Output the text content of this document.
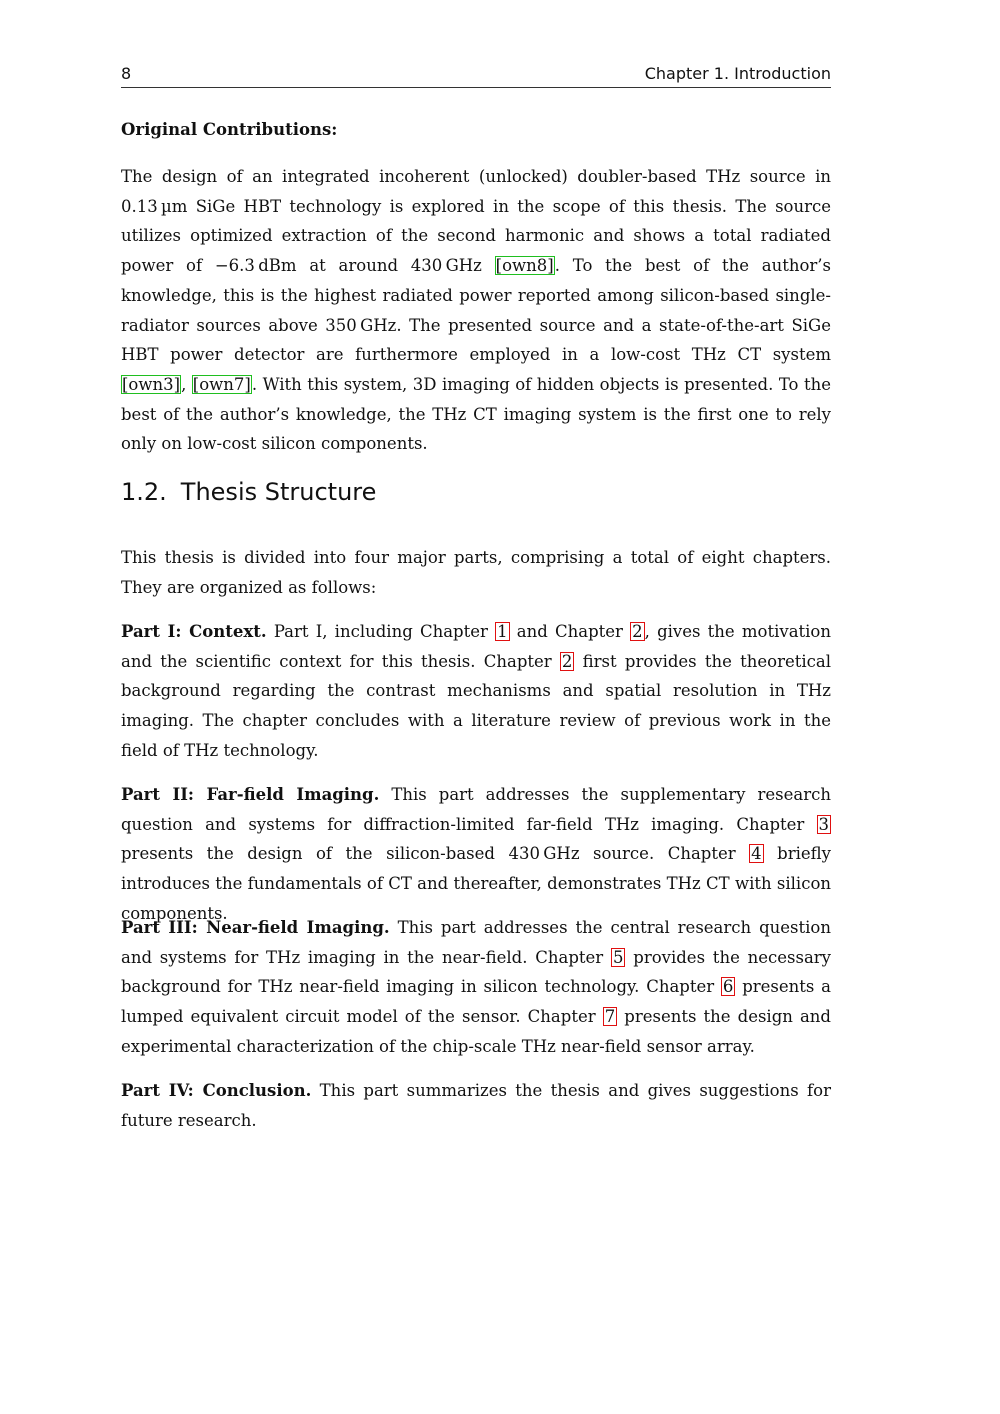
8	Chapter 1. Introduction
Original Contributions:

The design of an integrated incoherent (unlocked) doubler-based THz source in 0.13 µm SiGe HBT technology is explored in the scope of this thesis. The source utilizes optimized extraction of the second harmonic and shows a total radiated power of −6.3 dBm at around 430 GHz [own8]. To the best of the author’s knowledge, this is the highest radiated power reported among silicon-based single-radiator sources above 350 GHz. The presented source and a state-of-the-art SiGe HBT power detector are furthermore employed in a low-cost THz CT system [own3], [own7]. With this system, 3D imaging of hidden objects is presented. To the best of the author’s knowledge, the THz CT imaging system is the first one to rely only on low-cost silicon components.

1.2. Thesis Structure

This thesis is divided into four major parts, comprising a total of eight chapters. They are organized as follows:

Part I: Context. Part I, including Chapter 1 and Chapter 2 , gives the motivation and the scientific context for this thesis. Chapter 2 first provides the theoretical background regarding the contrast mechanisms and spatial resolution in THz imaging. The chapter concludes with a literature review of previous work in the field of THz technology.

Part II: Far-field Imaging. This part addresses the supplementary research question and systems for diffraction-limited far-field THz imaging. Chapter 3 presents the design of the silicon-based 430 GHz source. Chapter 4 briefly introduces the fundamentals of CT and thereafter, demonstrates THz CT with silicon components.

Part III: Near-field Imaging. This part addresses the central research question and systems for THz imaging in the near-field. Chapter 5 provides the necessary background for THz near-field imaging in silicon technology. Chapter 6 presents a lumped equivalent circuit model of the sensor. Chapter 7 presents the design and experimental characterization of the chip-scale THz near-field sensor array.

Part IV: Conclusion. This part summarizes the thesis and gives suggestions for future research.
